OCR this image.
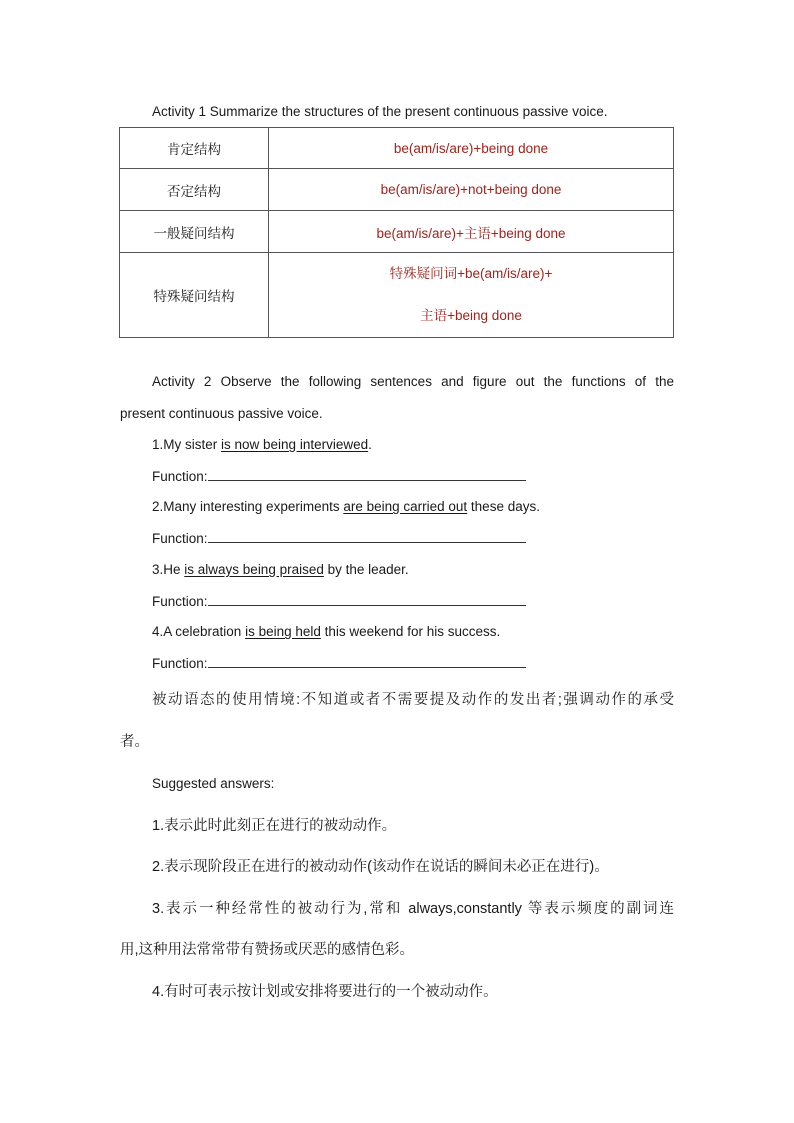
Activity 1 Summarize the structures of the present continuous passive voice.
肯定结构	be(am/is/are)+being done
否定结构	be(am/is/are)+not+being done
一般疑问结构	be(am/is/are)+主语+being done
特殊疑问结构	特殊疑问词+be(am/is/are)+
主语+being done
Activity 2 Observe the following sentences and figure out the functions of the
present continuous passive voice.
1.My sister is now being interviewed.
Function:
2.Many interesting experiments are being carried out these days.
Function:
3.He is always being praised by the leader.
Function:
4.A celebration is being held this weekend for his success.
Function:
被动语态的使用情境:不知道或者不需要提及动作的发出者;强调动作的承受
者。
Suggested answers:
1.表示此时此刻正在进行的被动动作。
2.表示现阶段正在进行的被动动作(该动作在说话的瞬间未必正在进行)。
3.表示一种经常性的被动行为,常和 always,constantly 等表示频度的副词连
用,这种用法常常带有赞扬或厌恶的感情色彩。
4.有时可表示按计划或安排将要进行的一个被动动作。
